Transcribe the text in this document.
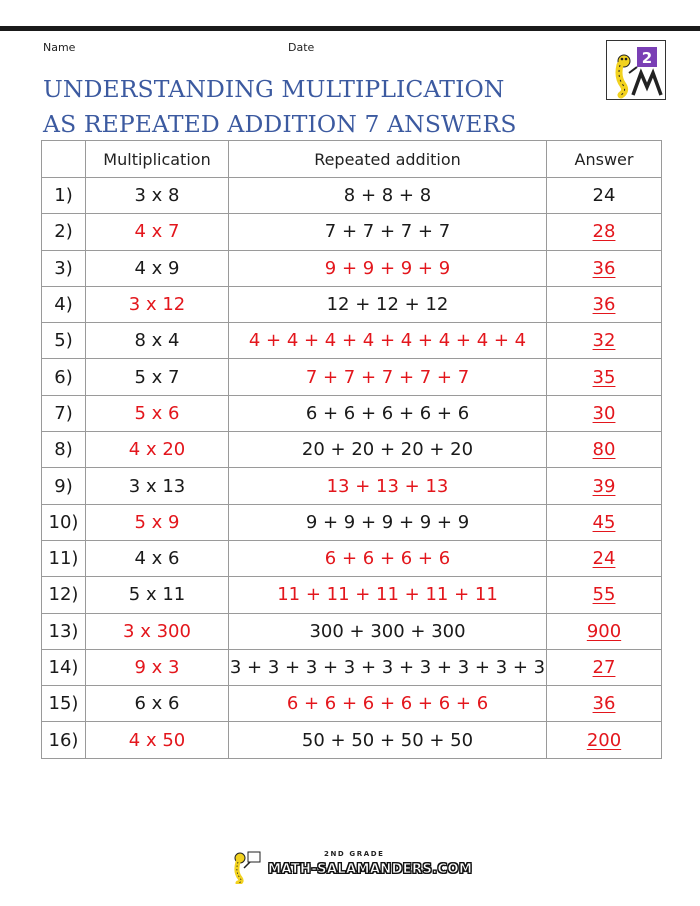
Name	Date
2
UNDERSTANDING MULTIPLICATION
AS REPEATED ADDITION 7 ANSWERS
	Multiplication	Repeated addition	Answer
1)	3 x 8	8 + 8 + 8	24
2)	4 x 7	7 + 7 + 7 + 7	28
3)	4 x 9	9 + 9 + 9 + 9	36
4)	3 x 12	12 + 12 + 12	36
5)	8 x 4	4 + 4 + 4 + 4 + 4 + 4 + 4 + 4	32
6)	5 x 7	7 + 7 + 7 + 7 + 7	35
7)	5 x 6	6 + 6 + 6 + 6 + 6	30
8)	4 x 20	20 + 20 + 20 + 20	80
9)	3 x 13	13 + 13 + 13	39
10)	5 x 9	9 + 9 + 9 + 9 + 9	45
11)	4 x 6	6 + 6 + 6 + 6	24
12)	5 x 11	11 + 11 + 11 + 11 + 11	55
13)	3 x 300	300 + 300 + 300	900
14)	9 x 3	3 + 3 + 3 + 3 + 3 + 3 + 3 + 3 + 3	27
15)	6 x 6	6 + 6 + 6 + 6 + 6 + 6	36
16)	4 x 50	50 + 50 + 50 + 50	200
2ND GRADE
MATH-SALAMANDERS.COM
